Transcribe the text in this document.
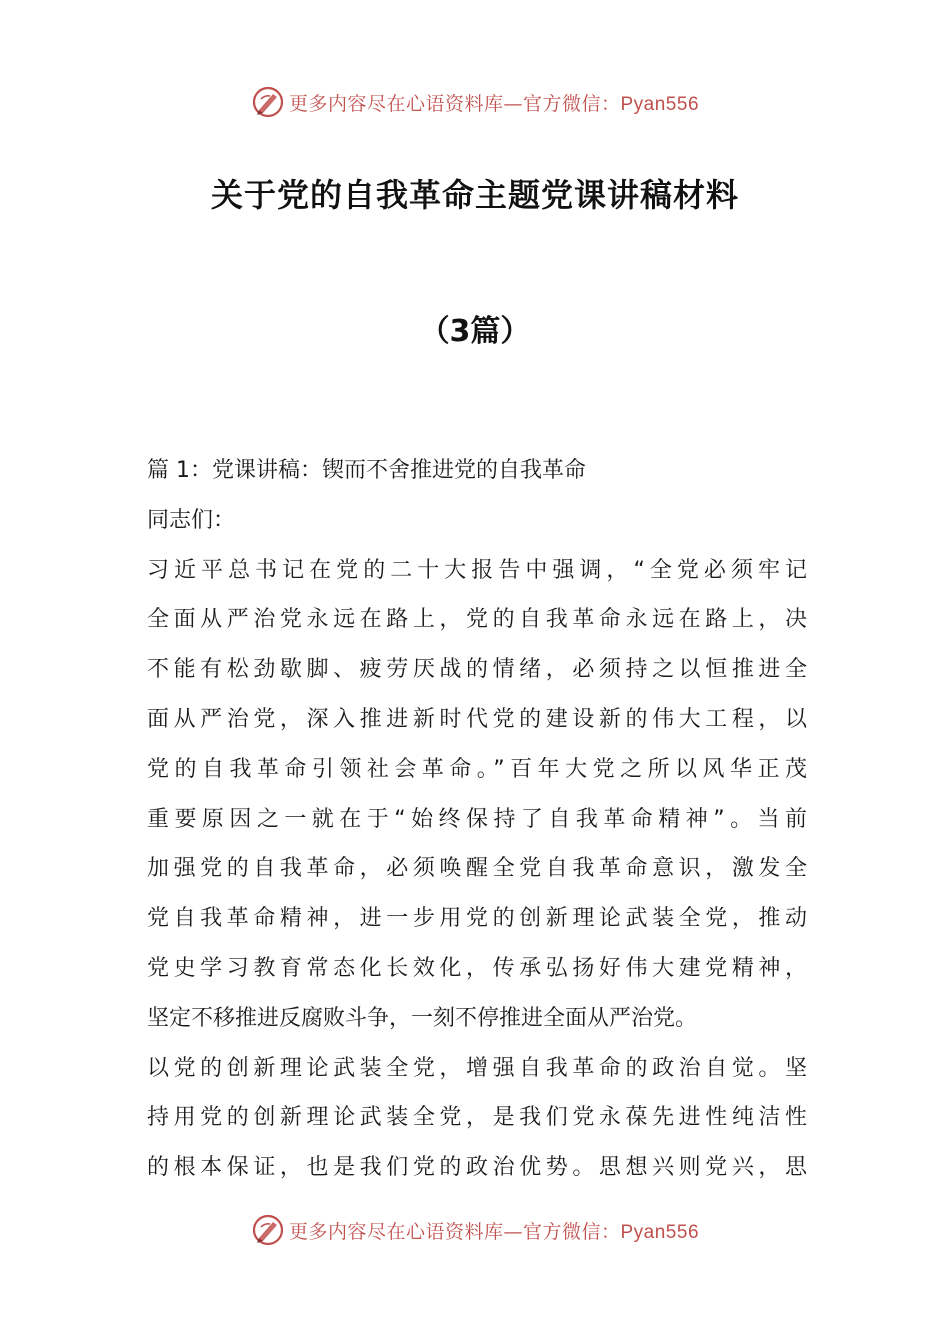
更多内容尽在心语资料库—官方微信：Pyan556
关于党的自我革命主题党课讲稿材料
（3篇）
篇 1：党课讲稿：锲而不舍推进党的自我革命
同志们：
习近平总书记在党的二十大报告中强调，“全党必须牢记
全面从严治党永远在路上，党的自我革命永远在路上，决
不能有松劲歇脚、疲劳厌战的情绪，必须持之以恒推进全
面从严治党，深入推进新时代党的建设新的伟大工程，以
党的自我革命引领社会革命。”百年大党之所以风华正茂
重要原因之一就在于“始终保持了自我革命精神”。当前
加强党的自我革命，必须唤醒全党自我革命意识，激发全
党自我革命精神，进一步用党的创新理论武装全党，推动
党史学习教育常态化长效化，传承弘扬好伟大建党精神，
坚定不移推进反腐败斗争，一刻不停推进全面从严治党。
以党的创新理论武装全党，增强自我革命的政治自觉。坚
持用党的创新理论武装全党，是我们党永葆先进性纯洁性
的根本保证，也是我们党的政治优势。思想兴则党兴，思
更多内容尽在心语资料库—官方微信：Pyan556
